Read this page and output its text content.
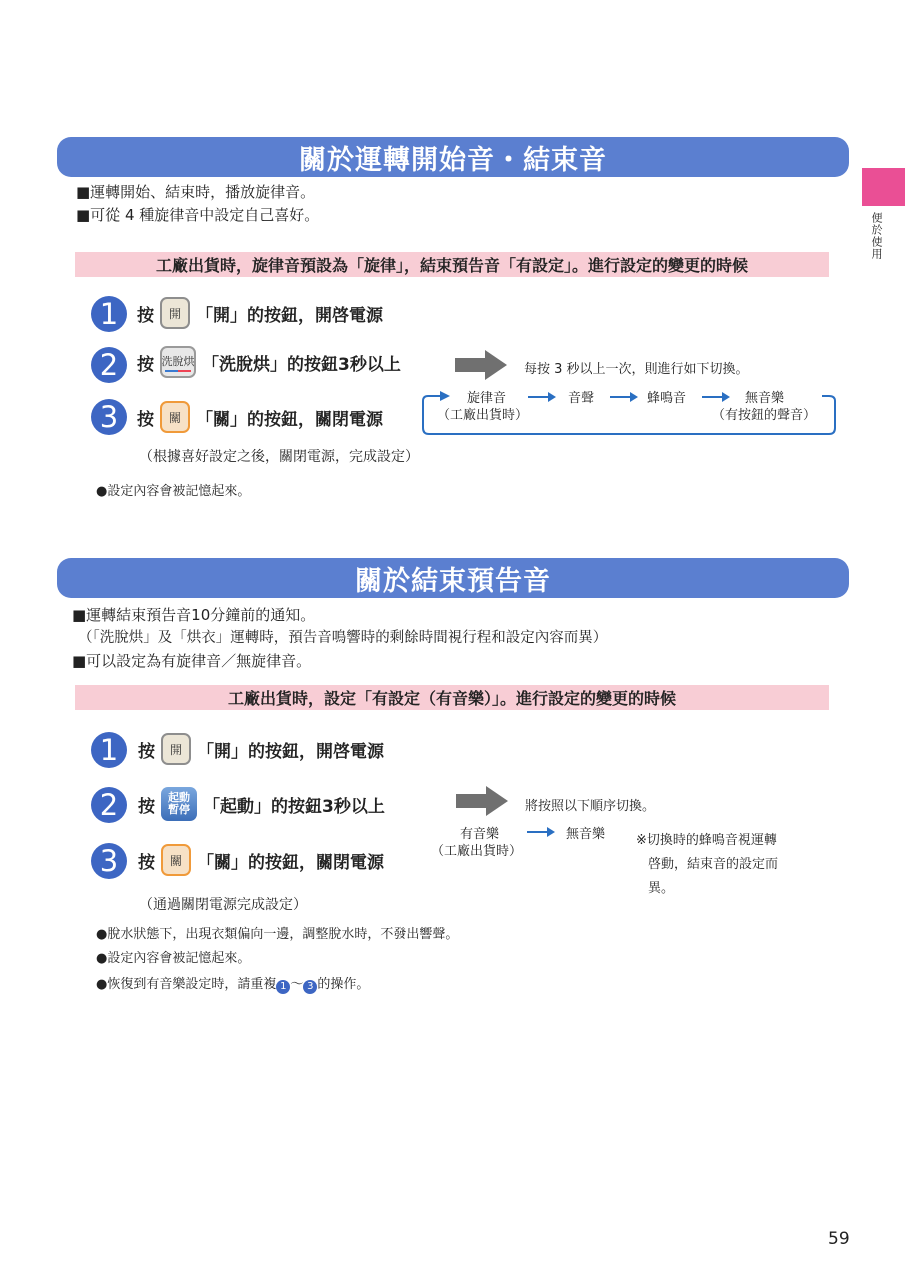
便於使用
關於運轉開始音・結束音
■運轉開始、結束時，播放旋律音。
■可從 4 種旋律音中設定自己喜好。
工廠出貨時，旋律音預設為「旋律」，結束預告音「有設定」。進行設定的變更的時候
1	按	開 「開」的按鈕，開啓電源
2	按 洗脫烘 「洗脫烘」的按鈕3秒以上
3	按	關 「關」的按鈕，關閉電源
（根據喜好設定之後，關閉電源，完成設定）
●設定內容會被記憶起來。
每按 3 秒以上一次，則進行如下切換。
旋律音
（工廠出貨時）
音聲	蜂鳴音	無音樂
（有按鈕的聲音）
關於結束預告音
■運轉結束預告音10分鐘前的通知。
（「洗脫烘」及「烘衣」運轉時，預告音鳴響時的剩餘時間視行程和設定內容而異）
■可以設定為有旋律音／無旋律音。
工廠出貨時，設定「有設定（有音樂）」。進行設定的變更的時候
1	按	開 「開」的按鈕，開啓電源
2	按 起動
暫停 「起動」的按鈕3秒以上
3	按	關 「關」的按鈕，關閉電源
（通過關閉電源完成設定）
將按照以下順序切換。
有音樂
（工廠出貨時）
無音樂 ※切換時的蜂鳴音視運轉
啓動，結束音的設定而
異。
●脫水狀態下，出現衣類偏向一邊，調整脫水時，不發出響聲。
●設定內容會被記憶起來。
●恢復到有音樂設定時，請重複 1 ～ 3 的操作。
59
